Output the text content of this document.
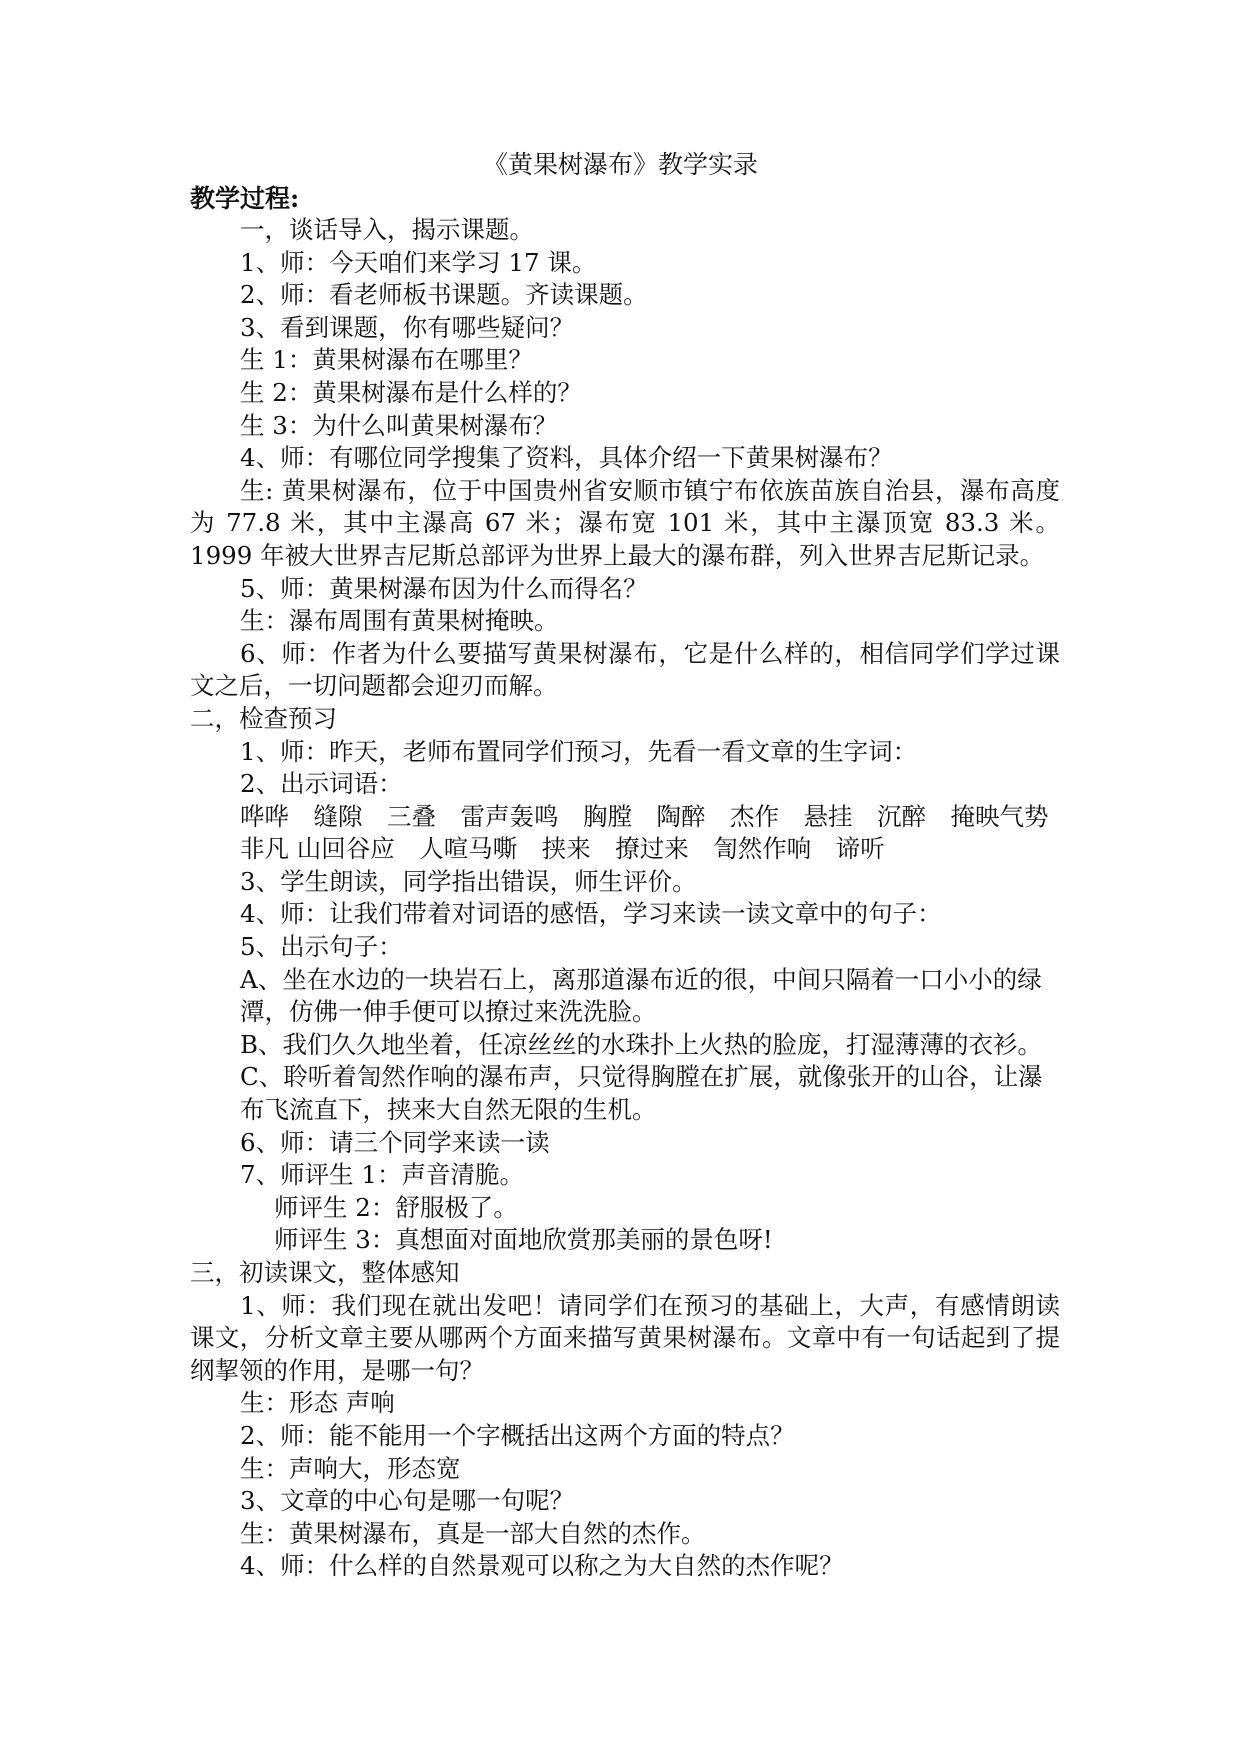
《黄果树瀑布》教学实录
教学过程:

一，谈话导入，揭示课题。

1、师：今天咱们来学习 17 课。

2、师：看老师板书课题。齐读课题。

3、看到课题，你有哪些疑问？

生 1：黄果树瀑布在哪里？

生 2：黄果树瀑布是什么样的？

生 3：为什么叫黄果树瀑布？

4、师：有哪位同学搜集了资料，具体介绍一下黄果树瀑布？

生: 黄果树瀑布，位于中国贵州省安顺市镇宁布依族苗族自治县，瀑布高度为 77.8 米，其中主瀑高 67 米；瀑布宽 101 米，其中主瀑顶宽 83.3 米。1999 年被大世界吉尼斯总部评为世界上最大的瀑布群，列入世界吉尼斯记录。

5、师：黄果树瀑布因为什么而得名？

生：瀑布周围有黄果树掩映。

6、师：作者为什么要描写黄果树瀑布，它是什么样的，相信同学们学过课文之后，一切问题都会迎刃而解。

二，检查预习

1、师：昨天，老师布置同学们预习，先看一看文章的生字词：

2、出示词语：

哗哗　缝隙　三叠　雷声轰鸣　胸膛　陶醉　杰作　悬挂　沉醉　掩映气势非凡 山回谷应　人喧马嘶　挟来　撩过来　訇然作响　谛听

3、学生朗读，同学指出错误，师生评价。

4、师：让我们带着对词语的感悟，学习来读一读文章中的句子：

5、出示句子：

A、坐在水边的一块岩石上，离那道瀑布近的很，中间只隔着一口小小的绿潭，仿佛一伸手便可以撩过来洗洗脸。

B、我们久久地坐着，任凉丝丝的水珠扑上火热的脸庞，打湿薄薄的衣衫。

C、聆听着訇然作响的瀑布声，只觉得胸膛在扩展，就像张开的山谷，让瀑布飞流直下，挟来大自然无限的生机。

6、师：请三个同学来读一读

7、师评生 1：声音清脆。

师评生 2：舒服极了。

师评生 3：真想面对面地欣赏那美丽的景色呀!

三，初读课文，整体感知

1、师：我们现在就出发吧！请同学们在预习的基础上，大声，有感情朗读课文，分析文章主要从哪两个方面来描写黄果树瀑布。文章中有一句话起到了提纲挈领的作用，是哪一句？

生：形态 声响

2、师：能不能用一个字概括出这两个方面的特点？

生：声响大，形态宽

3、文章的中心句是哪一句呢？

生：黄果树瀑布，真是一部大自然的杰作。

4、师：什么样的自然景观可以称之为大自然的杰作呢？
